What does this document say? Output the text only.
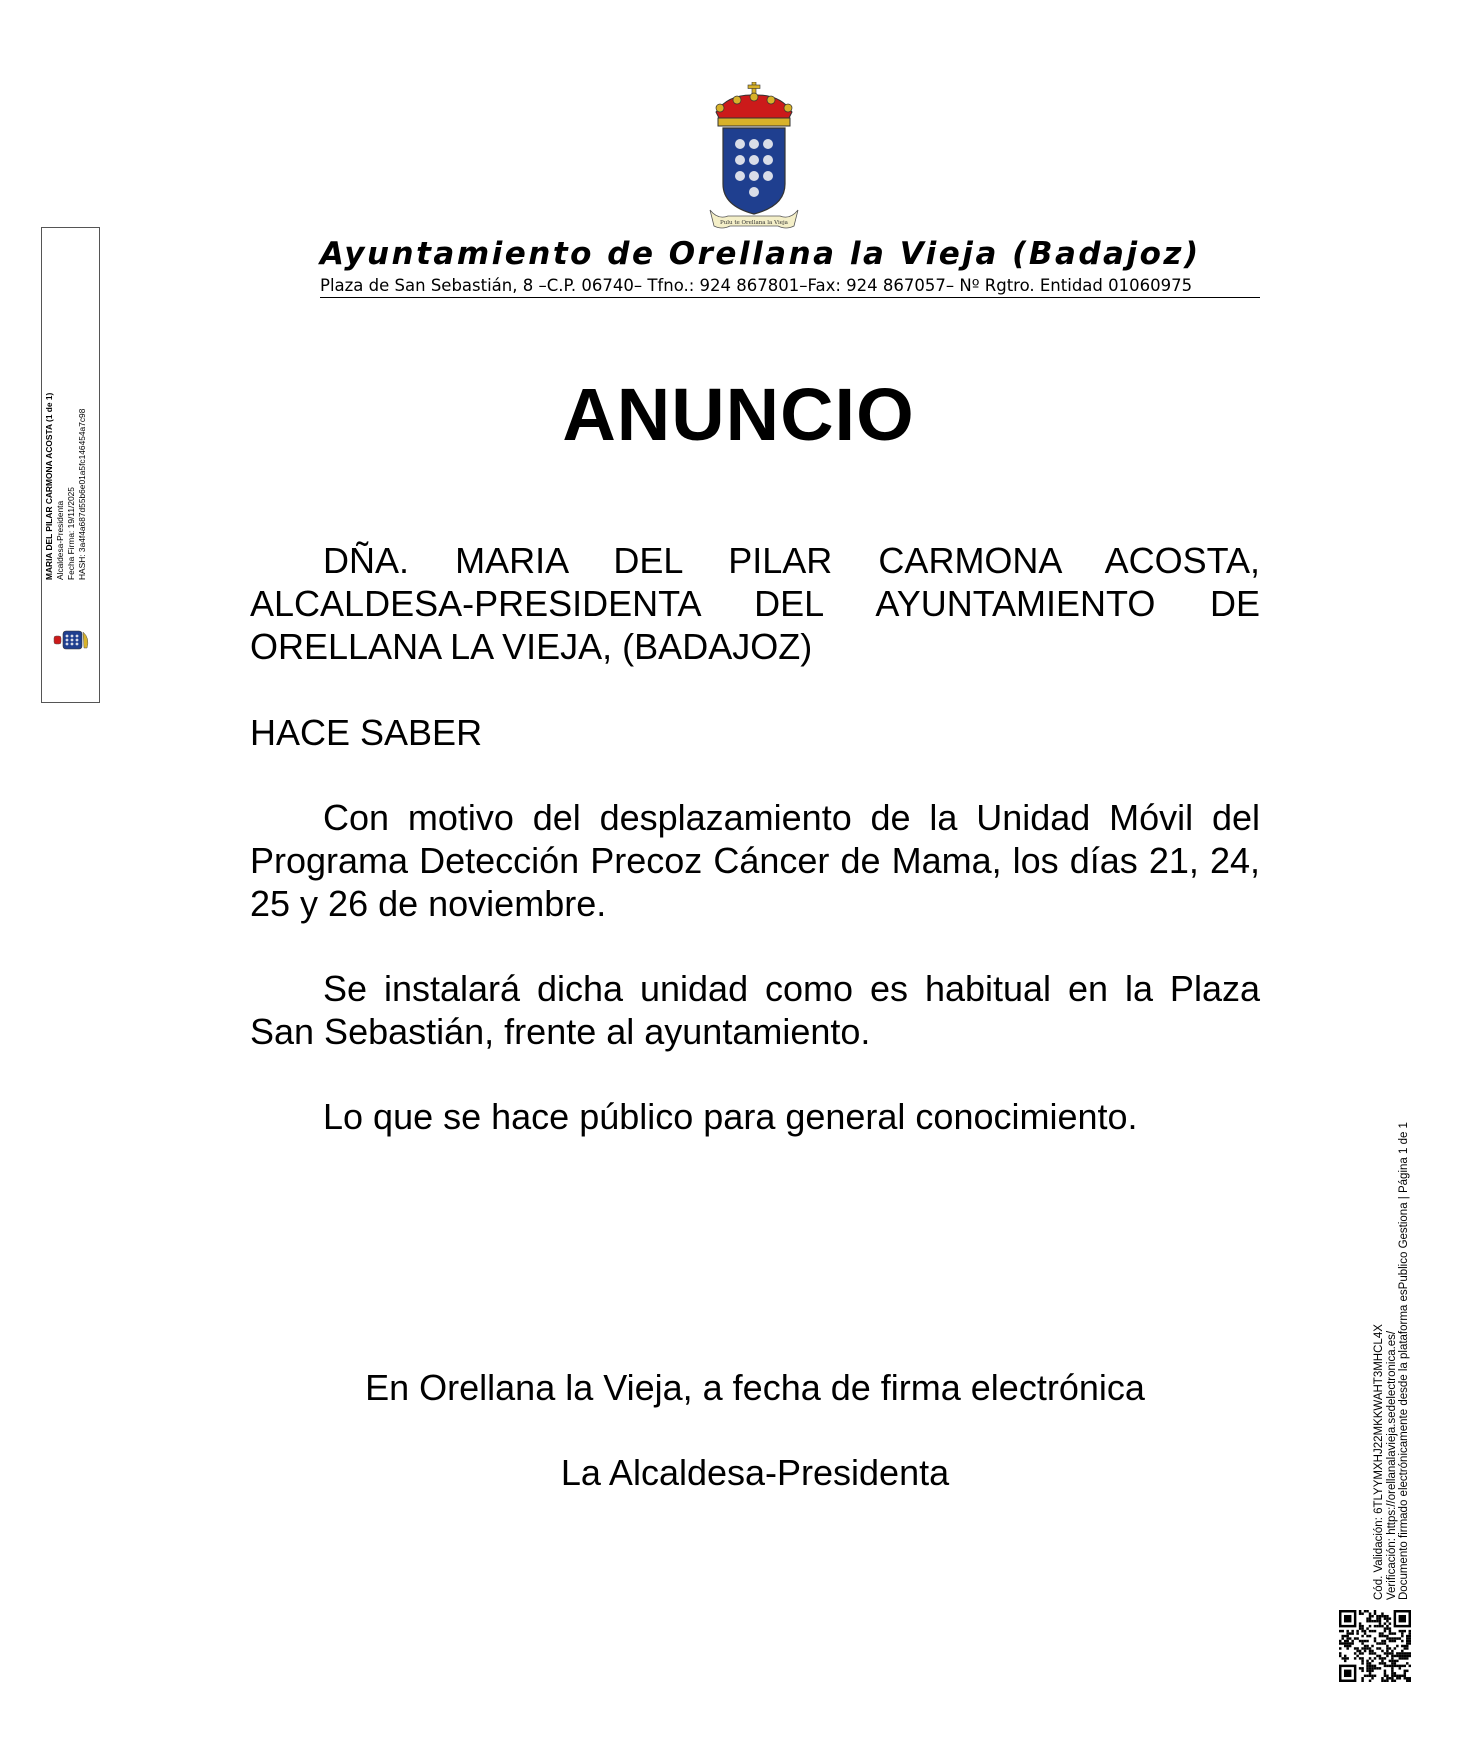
Pulu te Orellana la Vieja
Ayuntamiento de Orellana la Vieja (Badajoz)
Plaza de San Sebastián, 8 –C.P. 06740– Tfno.: 924 867801–Fax: 924 867057– Nº Rgtro. Entidad 01060975
ANUNCIO
DÑA. MARIA DEL PILAR CARMONA ACOSTA, ALCALDESA-PRESIDENTA DEL AYUNTAMIENTO DE ORELLANA LA VIEJA, (BADAJOZ)
HACE SABER
Con motivo del desplazamiento de la Unidad Móvil del Programa Detección Precoz Cáncer de Mama, los días 21, 24, 25 y 26 de noviembre.
Se instalará dicha unidad como es habitual en la Plaza San Sebastián, frente al ayuntamiento.
Lo que se hace público para general conocimiento.
En Orellana la Vieja, a fecha de firma electrónica
La Alcaldesa-Presidenta
MARIA DEL PILAR CARMONA ACOSTA (1 de 1) Alcaldesa-Presidenta Fecha Firma: 19/11/2025 HASH: 3a4f4a687d55b6e01a5fc146454a7c98
Cód. Validación: 6TLYYMXHJ22MKKWAHT3MHCL4X Verificación: https://orellanalavieja.sedelectronica.es/ Documento firmado electrónicamente desde la plataforma esPublico Gestiona | Página 1 de 1
